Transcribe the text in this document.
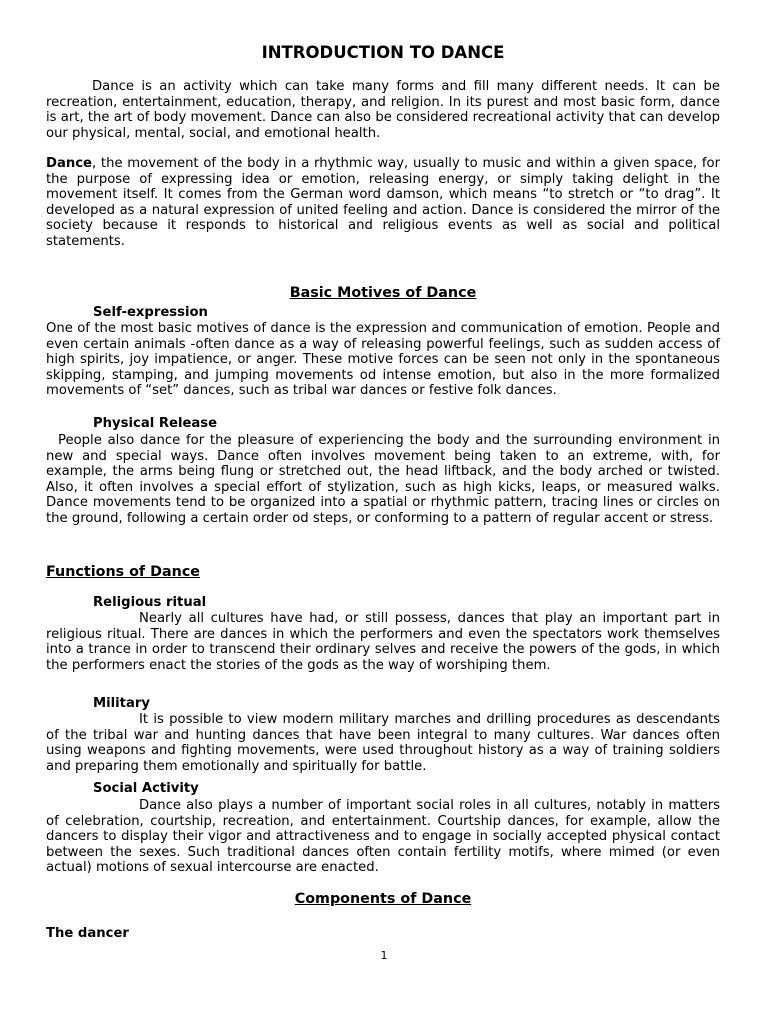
INTRODUCTION TO DANCE

Dance is an activity which can take many forms and fill many different needs. It can be recreation, entertainment, education, therapy, and religion. In its purest and most basic form, dance is art, the art of body movement. Dance can also be considered recreational activity that can develop our physical, mental, social, and emotional health.

Dance, the movement of the body in a rhythmic way, usually to music and within a given space, for the purpose of expressing idea or emotion, releasing energy, or simply taking delight in the movement itself. It comes from the German word damson, which means “to stretch or “to drag”. It developed as a natural expression of united feeling and action. Dance is considered the mirror of the society because it responds to historical and religious events as well as social and political statements.

Basic Motives of Dance
Self-expression

One of the most basic motives of dance is the expression and communication of emotion. People and even certain animals -often dance as a way of releasing powerful feelings, such as sudden access of high spirits, joy impatience, or anger. These motive forces can be seen not only in the spontaneous skipping, stamping, and jumping movements od intense emotion, but also in the more formalized movements of “set” dances, such as tribal war dances or festive folk dances.

Physical Release

People also dance for the pleasure of experiencing the body and the surrounding environment in new and special ways. Dance often involves movement being taken to an extreme, with, for example, the arms being flung or stretched out, the head liftback, and the body arched or twisted. Also, it often involves a special effort of stylization, such as high kicks, leaps, or measured walks. Dance movements tend to be organized into a spatial or rhythmic pattern, tracing lines or circles on the ground, following a certain order od steps, or conforming to a pattern of regular accent or stress.

Functions of Dance
Religious ritual

Nearly all cultures have had, or still possess, dances that play an important part in religious ritual. There are dances in which the performers and even the spectators work themselves into a trance in order to transcend their ordinary selves and receive the powers of the gods, in which the performers enact the stories of the gods as the way of worshiping them.

Military

It is possible to view modern military marches and drilling procedures as descendants of the tribal war and hunting dances that have been integral to many cultures. War dances often using weapons and fighting movements, were used throughout history as a way of training soldiers and preparing them emotionally and spiritually for battle.

Social Activity

Dance also plays a number of important social roles in all cultures, notably in matters of celebration, courtship, recreation, and entertainment. Courtship dances, for example, allow the dancers to display their vigor and attractiveness and to engage in socially accepted physical contact between the sexes. Such traditional dances often contain fertility motifs, where mimed (or even actual) motions of sexual intercourse are enacted.

Components of Dance
The dancer
1
